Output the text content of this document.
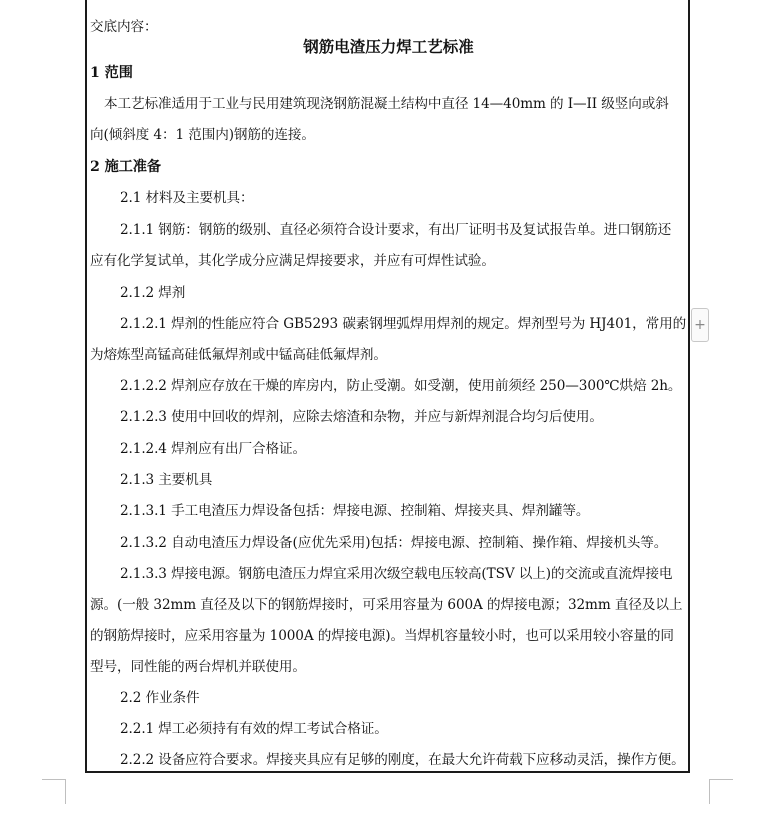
交底内容：
钢筋电渣压力焊工艺标准
1 范围
本工艺标准适用于工业与民用建筑现浇钢筋混凝土结构中直径 14—40mm 的 I—II 级竖向或斜
向(倾斜度 4：1 范围内)钢筋的连接。
2 施工准备
2.1 材料及主要机具：
2.1.1 钢筋：钢筋的级别、直径必须符合设计要求，有出厂证明书及复试报告单。进口钢筋还
应有化学复试单，其化学成分应满足焊接要求，并应有可焊性试验。
2.1.2 焊剂
2.1.2.1 焊剂的性能应符合 GB5293 碳素钢埋弧焊用焊剂的规定。焊剂型号为 HJ401，常用的
为熔炼型高锰高硅低氟焊剂或中锰高硅低氟焊剂。
2.1.2.2 焊剂应存放在干燥的库房内，防止受潮。如受潮，使用前须经 250—300℃烘焙 2h。
2.1.2.3 使用中回收的焊剂，应除去熔渣和杂物，并应与新焊剂混合均匀后使用。
2.1.2.4 焊剂应有出厂合格证。
2.1.3 主要机具
2.1.3.1 手工电渣压力焊设备包括：焊接电源、控制箱、焊接夹具、焊剂罐等。
2.1.3.2 自动电渣压力焊设备(应优先采用)包括：焊接电源、控制箱、操作箱、焊接机头等。
2.1.3.3 焊接电源。钢筋电渣压力焊宜采用次级空载电压较高(TSV 以上)的交流或直流焊接电
源。(一般 32mm 直径及以下的钢筋焊接时，可采用容量为 600A 的焊接电源；32mm 直径及以上
的钢筋焊接时，应采用容量为 1000A 的焊接电源)。当焊机容量较小时，也可以采用较小容量的同
型号，同性能的两台焊机并联使用。
2.2 作业条件
2.2.1 焊工必须持有有效的焊工考试合格证。
2.2.2 设备应符合要求。焊接夹具应有足够的刚度，在最大允许荷载下应移动灵活，操作方便。
+
